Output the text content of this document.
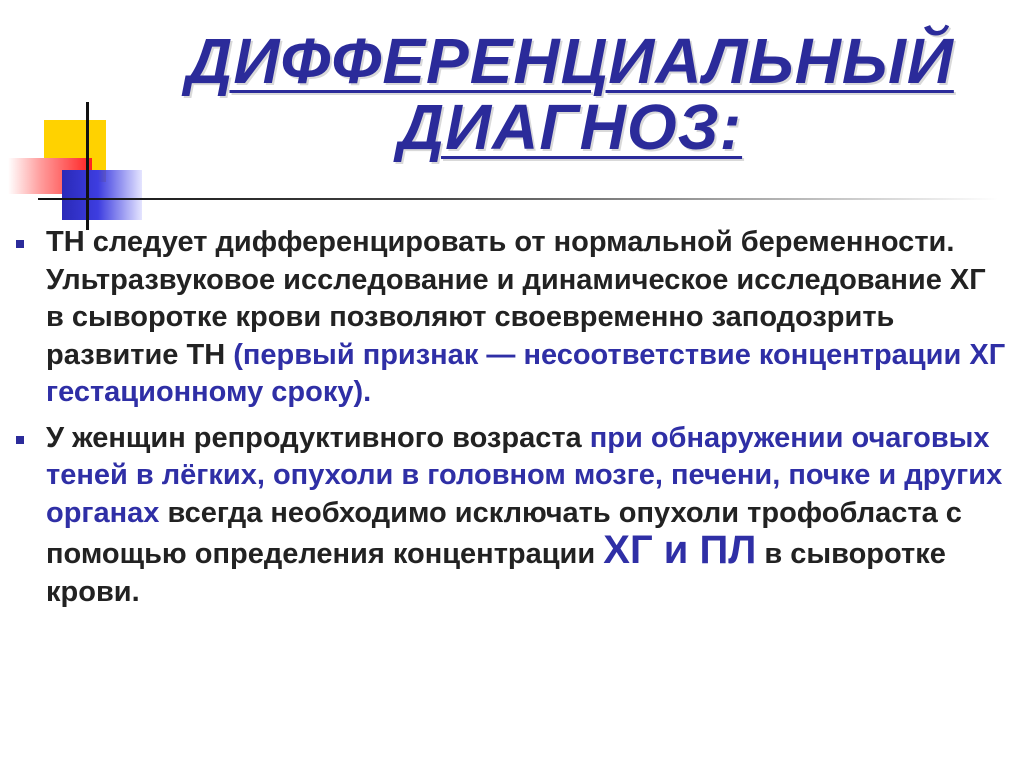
ДИФФЕРЕНЦИАЛЬНЫЙ
ДИАГНОЗ:
ТН следует дифференцировать от нормальной беременности. Ультразвуковое исследование и динамическое исследование ХГ в сыворотке крови позволяют своевременно заподозрить развитие ТН (первый признак — несоответствие концентрации ХГ гестационному сроку).
У женщин репродуктивного возраста при обнаружении очаговых теней в лёгких, опухоли в головном мозге, печени, почке и других органах всегда необходимо исключать опухоли трофобласта с помощью определения концентрации ХГ и ПЛ в сыворотке крови.
